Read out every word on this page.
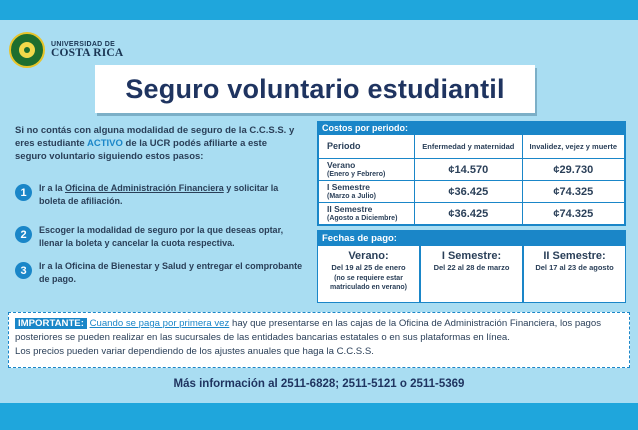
UNIVERSIDAD DE
COSTA RICA
Seguro voluntario estudiantil

Si no contás con alguna modalidad de seguro de la C.C.S.S. y eres estudiante ACTIVO de la UCR podés afiliarte a este seguro voluntario siguiendo estos pasos:

1	Ir a la Oficina de Administración Financiera y solicitar la boleta de afiliación.
2	Escoger la modalidad de seguro por la que deseas optar, llenar la boleta y cancelar la cuota respectiva.
3	Ir a la Oficina de Bienestar y Salud y entregar el comprobante de pago.
Costos por periodo:
Periodo	Enfermedad y maternidad	Invalidez, vejez y muerte

Verano
(Enero y Febrero)	¢14.570	¢29.730

I Semestre
(Marzo a Julio)	¢36.425	¢74.325

II Semestre
(Agosto a Diciembre)	¢36.425	¢74.325
Fechas de pago:
Verano:
Del 19 al 25 de enero
(no se requiere estar matriculado en verano)
I Semestre:
Del 22 al 28 de marzo
II Semestre:
Del 17 al 23 de agosto

IMPORTANTE: Cuando se paga por primera vez hay que presentarse en las cajas de la Oficina de Administración Financiera, los pagos posteriores se pueden realizar en las sucursales de las entidades bancarias estatales o en sus plataformas en línea.

Los precios pueden variar dependiendo de los ajustes anuales que haga la C.C.S.S.

Más información al 2511-6828; 2511-5121 o 2511-5369
